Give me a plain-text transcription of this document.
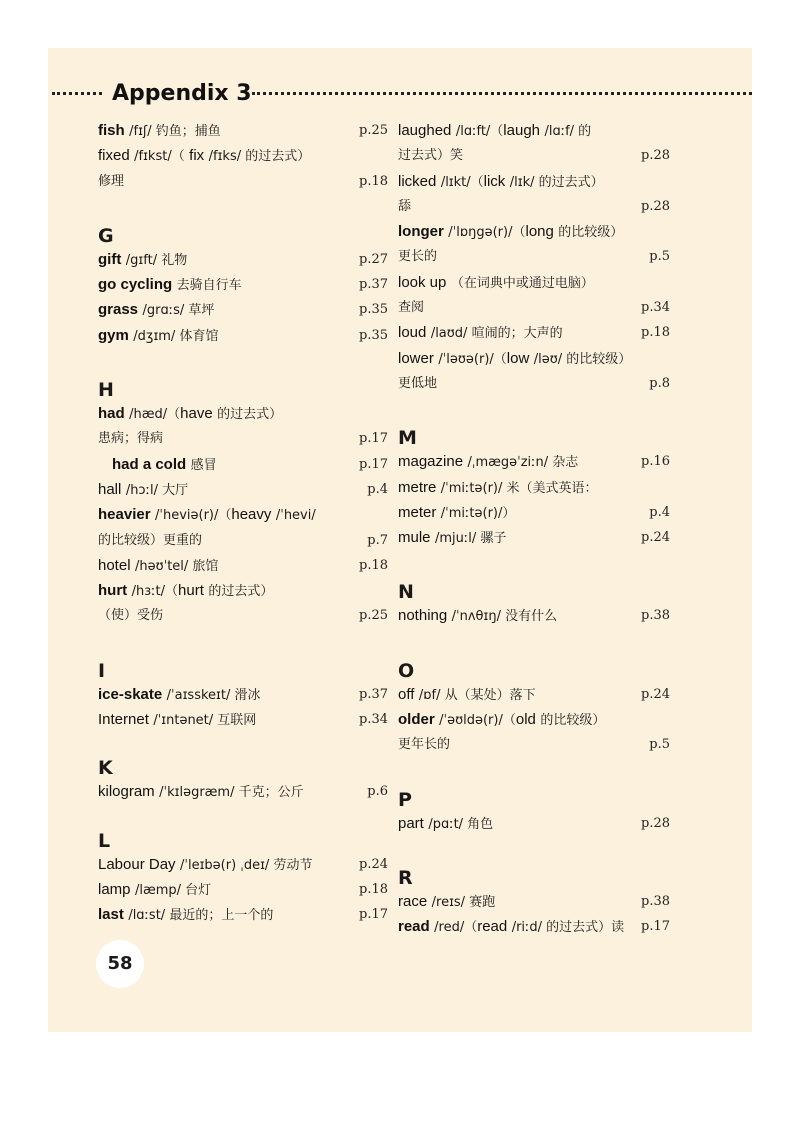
Appendix 3
fish /fɪʃ/ 钓鱼；捕鱼	p.25
fixed /fɪkst/（ fix /fɪks/ 的过去式）
修理	p.18
G
gift /gɪft/ 礼物	p.27
go cycling 去骑自行车	p.37
grass /grɑːs/ 草坪	p.35
gym /dʒɪm/ 体育馆	p.35
H
had /hæd/（have 的过去式）
患病；得病	p.17
had a cold 感冒	p.17
hall /hɔːl/ 大厅	p.4
heavier /ˈheviə(r)/（heavy /ˈhevi/
的比较级）更重的	p.7
hotel /həʊˈtel/ 旅馆	p.18
hurt /hɜːt/（hurt 的过去式）
（使）受伤	p.25
I
ice-skate /ˈaɪsskeɪt/ 滑冰	p.37
Internet /ˈɪntənet/ 互联网	p.34
K
kilogram /ˈkɪləgræm/ 千克；公斤	p.6
L
Labour Day /ˈleɪbə(r) ˌdeɪ/ 劳动节	p.24
lamp /læmp/ 台灯	p.18
last /lɑːst/ 最近的；上一个的	p.17
laughed /lɑːft/（laugh /lɑːf/ 的
过去式）笑	p.28
licked /lɪkt/（lick /lɪk/ 的过去式）
舔	p.28
longer /ˈlɒŋgə(r)/（long 的比较级）
更长的	p.5
look up （在词典中或通过电脑）
查阅	p.34
loud /laʊd/ 喧闹的；大声的	p.18
lower /ˈləʊə(r)/（low /ləʊ/ 的比较级）
更低地	p.8
M
magazine /ˌmægəˈziːn/ 杂志	p.16
metre /ˈmiːtə(r)/ 米（美式英语：
meter /ˈmiːtə(r)/）	p.4
mule /mjuːl/ 骡子	p.24
N
nothing /ˈnʌθɪŋ/ 没有什么	p.38
O
off /ɒf/ 从（某处）落下	p.24
older /ˈəʊldə(r)/（old 的比较级）
更年长的	p.5
P
part /pɑːt/ 角色	p.28
R
race /reɪs/ 赛跑	p.38
read /red/（read /riːd/ 的过去式）读 p.17
58
